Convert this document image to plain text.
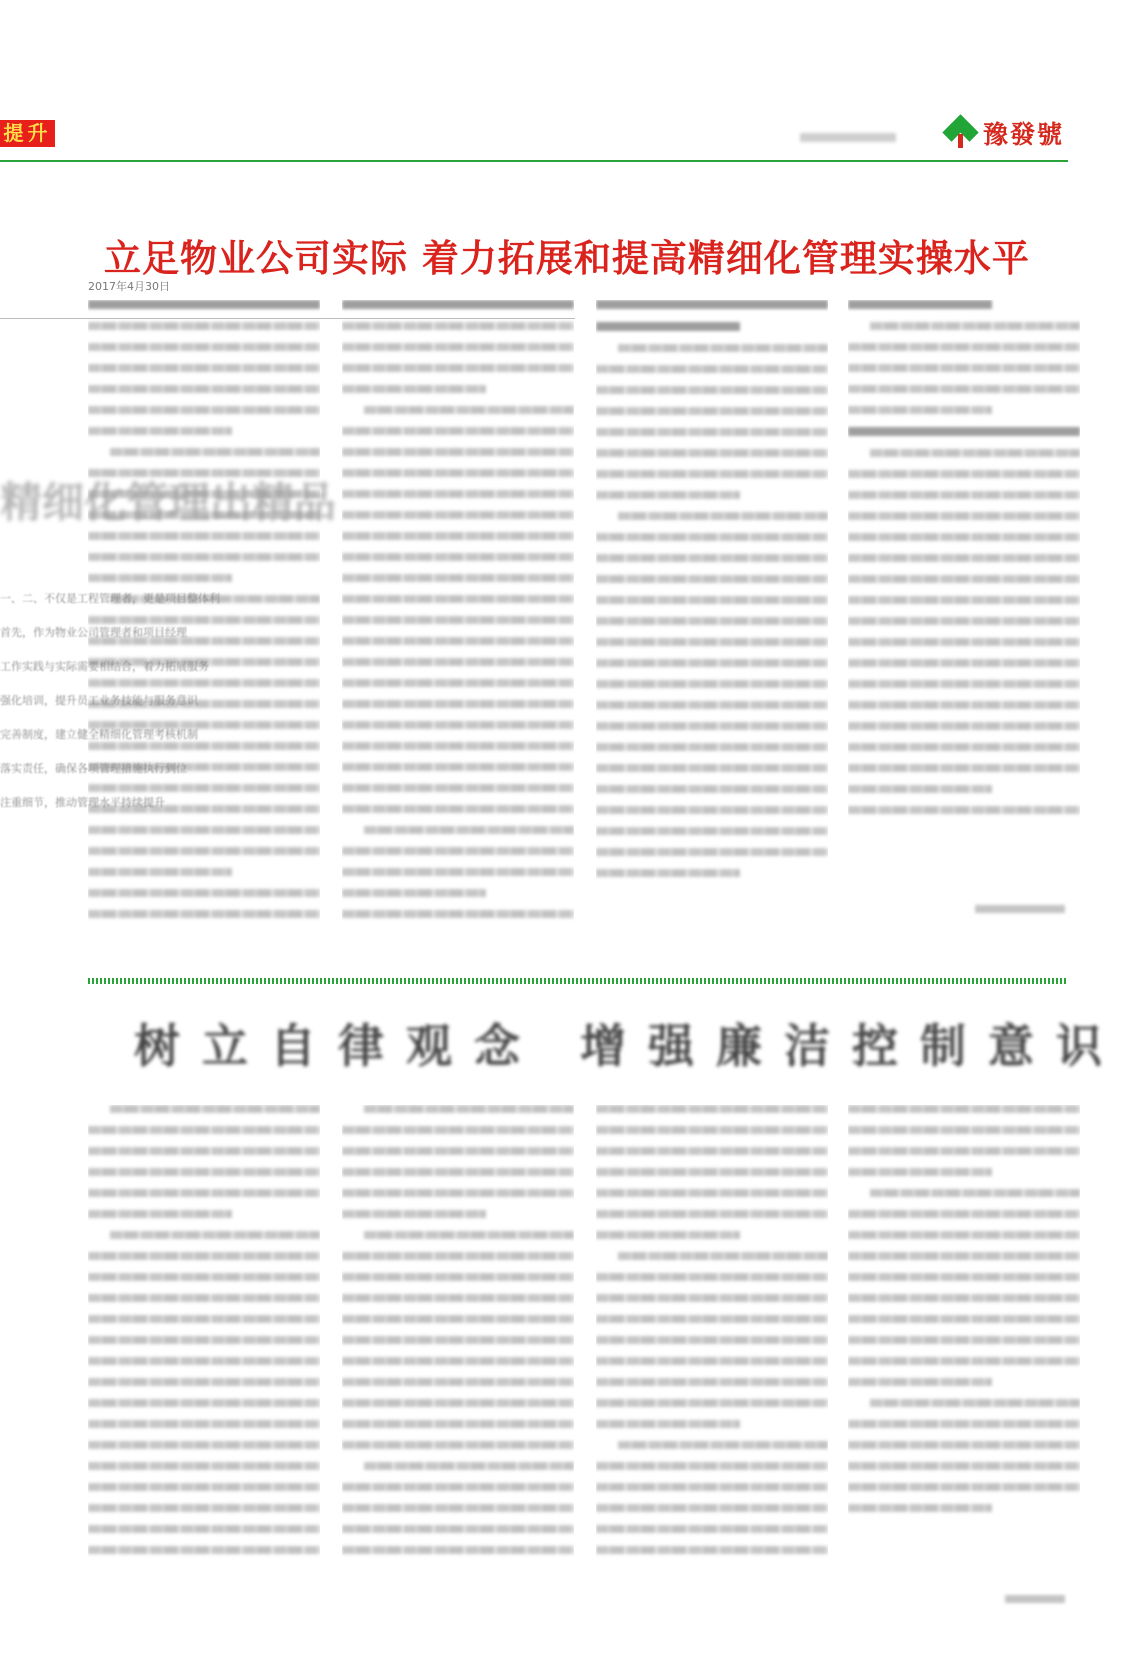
提升	豫發號
立足物业公司实际 着力拓展和提高精细化管理实操水平
2017年4月30日
精细化管理出精品
一、二、不仅是工程管理者，更是项目整体利
首先，作为物业公司管理者和项目经理
工作实践与实际需要相结合，着力拓展服务
强化培训，提升员工业务技能与服务意识
完善制度，建立健全精细化管理考核机制
落实责任，确保各项管理措施执行到位
注重细节，推动管理水平持续提升
树立自律观念 增强廉洁控制意识
